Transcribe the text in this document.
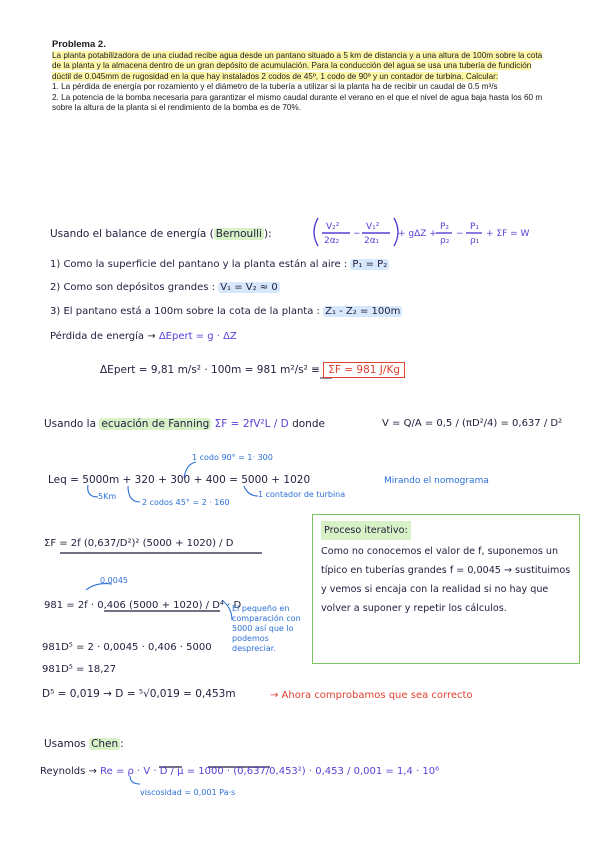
Problema 2.

La planta potabilizadora de una ciudad recibe agua desde un pantano situado a 5 km de distancia y a una altura de 100m sobre la cota de la planta y la almacena dentro de un gran depósito de acumulación. Para la conducción del agua se usa una tubería de fundición dúctil de 0.045mm de rugosidad en la que hay instalados 2 codos de 45º, 1 codo de 90º y un contador de turbina. Calcular:

1. La pérdida de energía por rozamiento y el diámetro de la tubería a utilizar si la planta ha de recibir un caudal de 0.5 m³/s

2. La potencia de la bomba necesaria para garantizar el mismo caudal durante el verano en el que el nivel de agua baja hasta los 60 m sobre la altura de la planta si el rendimiento de la bomba es de 70%.

Usando el balance de energía ( Bernoulli ):
V₂²
2α₂
−
V₁²
2α₁
+ gΔZ +
P₂
ρ₂
−
P₁
ρ₁
+ ΣF = W
1) Como la superficie del pantano y la planta están al aire : P₁ = P₂
2) Como son depósitos grandes : V₁ = V₂ ≈ 0
3) El pantano está a 100m sobre la cota de la planta : Z₁ - Z₂ = 100m
Pérdida de energía → ΔEpert = g · ΔZ
ΔEpert = 9,81 m/s² · 100m = 981 m²/s² ≡ ΣF = 981 J/Kg
Usando la ecuación de Fanning ΣF = 2fV²L / D donde	V = Q/A = 0,5 / (πD²/4) = 0,637 / D²
1 codo 90° = 1· 300
Leq = 5000m + 320 + 300 + 400 = 5000 + 1020
5Km
2 codos 45° = 2 · 160
1 contador de turbina
Mirando el nomograma
ΣF = 2f (0,637/D²)² (5000 + 1020) / D
Proceso iterativo:
Como no conocemos el valor de f, suponemos un típico en tuberías grandes f = 0,0045 → sustituimos y vemos si encaja con la realidad si no hay que volver a suponer y repetir los cálculos.
0,0045
981 = 2f · 0,406 (5000 + 1020) / D⁴ · D
El pequeño en comparación con 5000 así que lo podemos despreciar.
981D⁵ = 2 · 0,0045 · 0,406 · 5000
981D⁵ = 18,27
D⁵ = 0,019 → D = ⁵√0,019 = 0,453m	→ Ahora comprobamos que sea correcto
Usamos Chen :
Reynolds → Re = ρ · V · D / μ = 1000 · (0,637/0,453²) · 0,453 / 0,001 = 1,4 · 10⁶
viscosidad = 0,001 Pa·s
